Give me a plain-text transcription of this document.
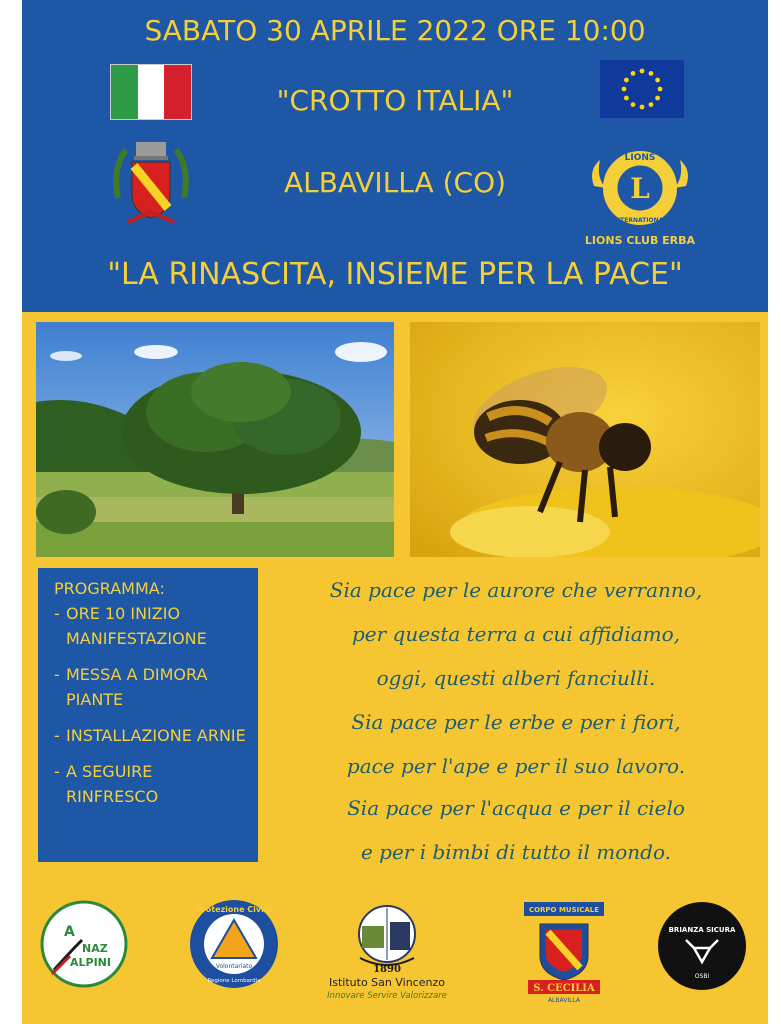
SABATO 30 APRILE 2022 ORE 10:00
"CROTTO ITALIA"
ALBAVILLA (CO)	L
LIONS
INTERNATIONAL
LIONS CLUB ERBA
"LA RINASCITA, INSIEME PER LA PACE"
PROGRAMMA:
- ORE 10 INIZIO MANIFESTAZIONE
- MESSA A DIMORA PIANTE
- INSTALLAZIONE ARNIE
- A SEGUIRE RINFRESCO
Sia pace per le aurore che verranno,
per questa terra a cui affidiamo,
oggi, questi alberi fanciulli.
Sia pace per le erbe e per i fiori,
pace per l'ape e per il suo lavoro.
Sia pace per l'acqua e per il cielo
e per i bimbi di tutto il mondo.
A
NAZ
ALPINI
Protezione Civile
Volontariato
Regione Lombardia
1890
Istituto San Vincenzo
Innovare Servire Valorizzare
CORPO MUSICALE
S. CECILIA
ALBAVILLA
BRIANZA SICURA
OSBI
